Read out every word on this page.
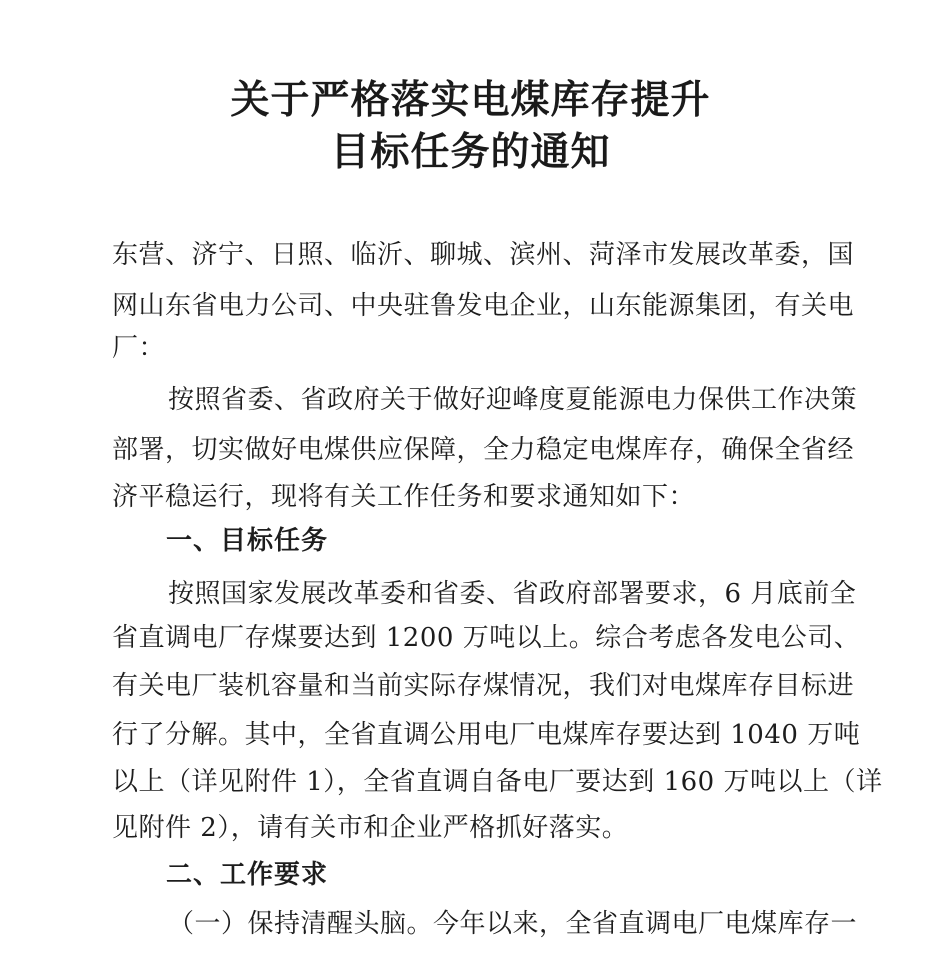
关于严格落实电煤库存提升
目标任务的通知
东营、济宁、日照、临沂、聊城、滨州、菏泽市发展改革委，国
网山东省电力公司、中央驻鲁发电企业，山东能源集团，有关电
厂：
按照省委、省政府关于做好迎峰度夏能源电力保供工作决策
部署，切实做好电煤供应保障，全力稳定电煤库存，确保全省经
济平稳运行，现将有关工作任务和要求通知如下：
一、目标任务
按照国家发展改革委和省委、省政府部署要求，6 月底前全
省直调电厂存煤要达到 1200 万吨以上。综合考虑各发电公司、
有关电厂装机容量和当前实际存煤情况，我们对电煤库存目标进
行了分解。其中，全省直调公用电厂电煤库存要达到 1040 万吨
以上（详见附件 1），全省直调自备电厂要达到 160 万吨以上（详
见附件 2），请有关市和企业严格抓好落实。
二、工作要求
（一）保持清醒头脑。今年以来，全省直调电厂电煤库存一
